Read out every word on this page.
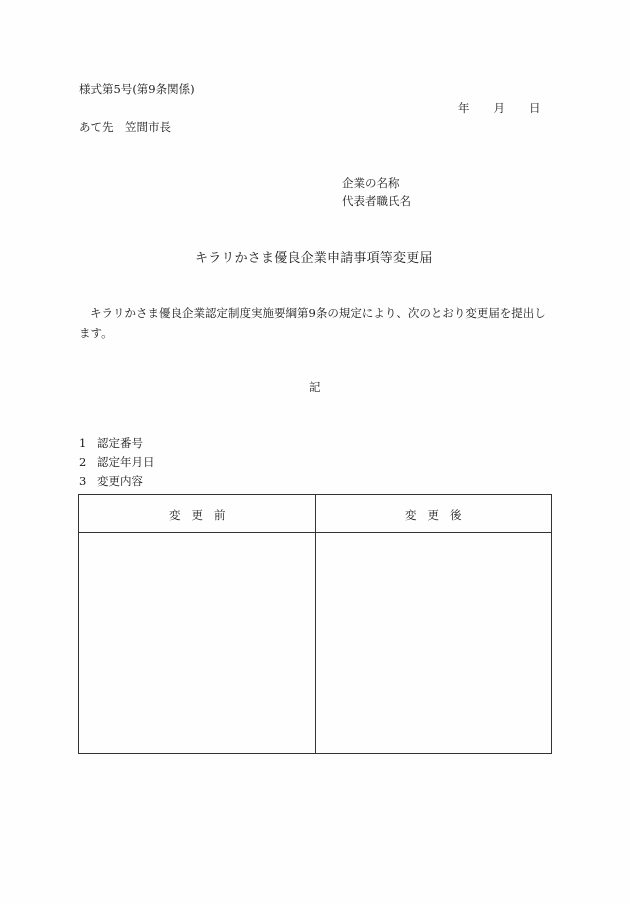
様式第5号(第9条関係)
年 月 日
あて先　笠間市長
企業の名称
代表者職氏名
キラリかさま優良企業申請事項等変更届
キラリかさま優良企業認定制度実施要綱第9条の規定により、次のとおり変更届を提出します。
記
1 認定番号
2 認定年月日
3 変更内容
変更前	変更後
